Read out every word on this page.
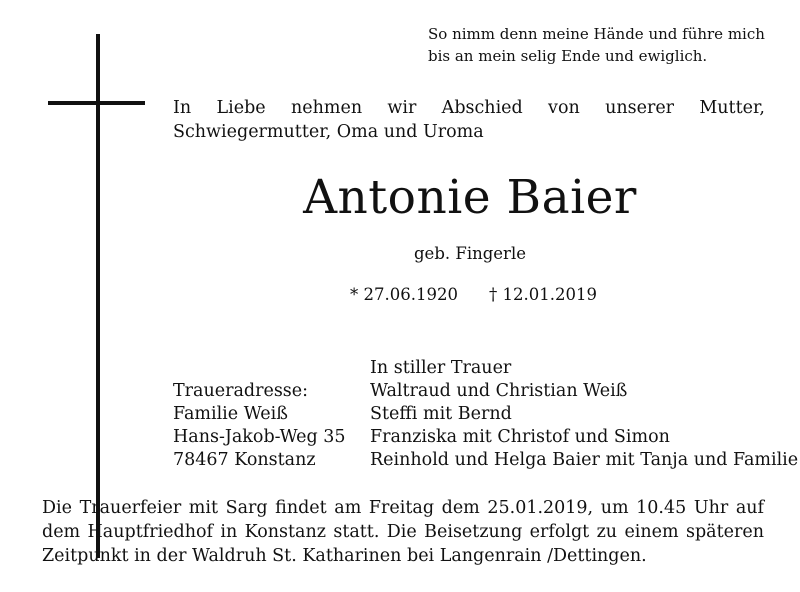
So nimm denn meine Hände und führe mich
bis an mein selig Ende und ewiglich.
In Liebe nehmen wir Abschied von unserer Mutter, Schwiegermutter, Oma und Uroma
Antonie Baier
geb. Fingerle
* 27.06.1920 † 12.01.2019
Traueradresse:
Familie Weiß
Hans-Jakob-Weg 35
78467 Konstanz
In stiller Trauer
Waltraud und Christian Weiß
Steffi mit Bernd
Franziska mit Christof und Simon
Reinhold und Helga Baier mit Tanja und Familie
Die Trauerfeier mit Sarg findet am Freitag dem 25.01.2019, um 10.45 Uhr auf dem Hauptfriedhof in Konstanz statt. Die Beisetzung erfolgt zu einem späteren Zeitpunkt in der Waldruh St. Katharinen bei Langenrain /Dettingen.
